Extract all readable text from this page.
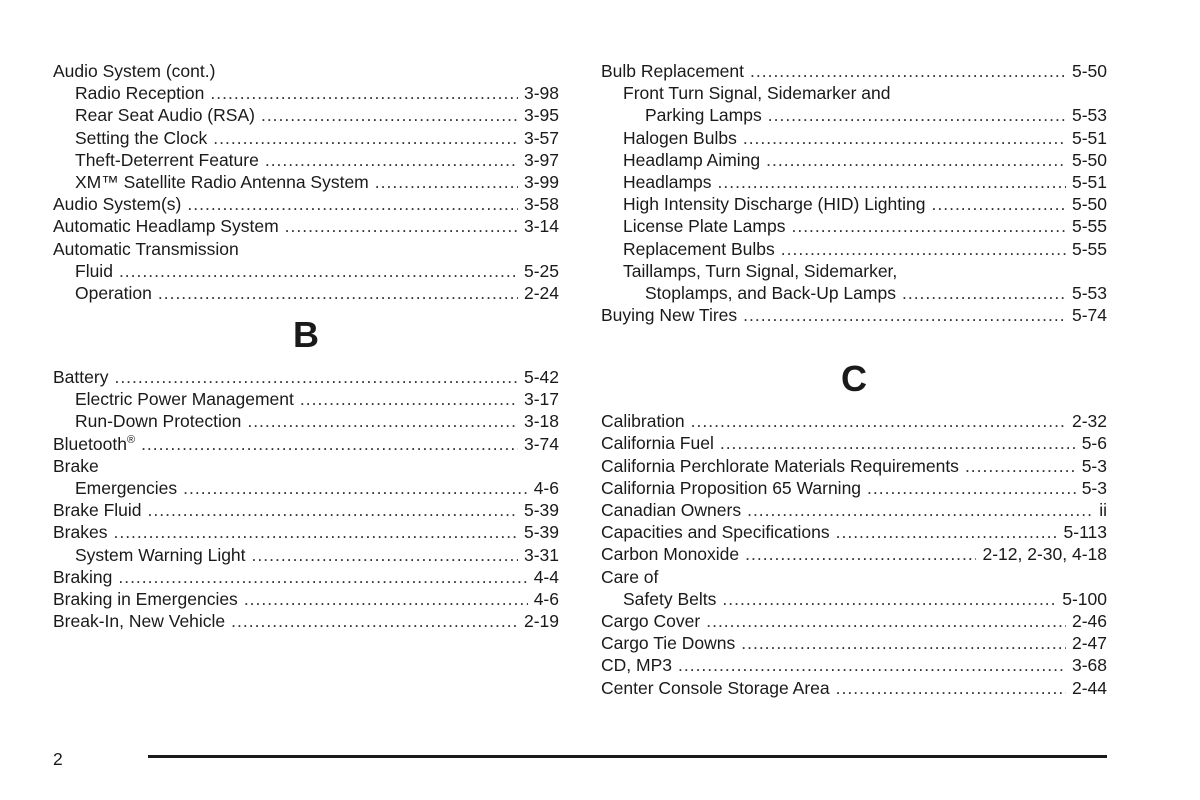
Audio System (cont.)
Radio Reception .....	3-98
Rear Seat Audio (RSA) .....	3-95
Setting the Clock .....	3-57
Theft-Deterrent Feature .....	3-97
XM™ Satellite Radio Antenna System .....	3-99
Audio System(s) .....	3-58
Automatic Headlamp System .....	3-14
Automatic Transmission
Fluid .....	5-25
Operation .....	2-24
B
Battery .....	5-42
Electric Power Management .....	3-17
Run-Down Protection .....	3-18
Bluetooth® .....	3-74
Brake
Emergencies .....	4-6
Brake Fluid .....	5-39
Brakes .....	5-39
System Warning Light .....	3-31
Braking .....	4-4
Braking in Emergencies .....	4-6
Break-In, New Vehicle .....	2-19
Bulb Replacement .....	5-50
Front Turn Signal, Sidemarker and
Parking Lamps .....	5-53
Halogen Bulbs .....	5-51
Headlamp Aiming .....	5-50
Headlamps .....	5-51
High Intensity Discharge (HID) Lighting .....	5-50
License Plate Lamps .....	5-55
Replacement Bulbs .....	5-55
Taillamps, Turn Signal, Sidemarker,
Stoplamps, and Back-Up Lamps .....	5-53
Buying New Tires .....	5-74
C
Calibration .....	2-32
California Fuel .....	5-6
California Perchlorate Materials Requirements .....	5-3
California Proposition 65 Warning .....	5-3
Canadian Owners .....	ii
Capacities and Specifications .....	5-113
Carbon Monoxide .....	2-12, 2-30, 4-18
Care of
Safety Belts .....	5-100
Cargo Cover .....	2-46
Cargo Tie Downs .....	2-47
CD, MP3 .....	3-68
Center Console Storage Area .....	2-44
2
